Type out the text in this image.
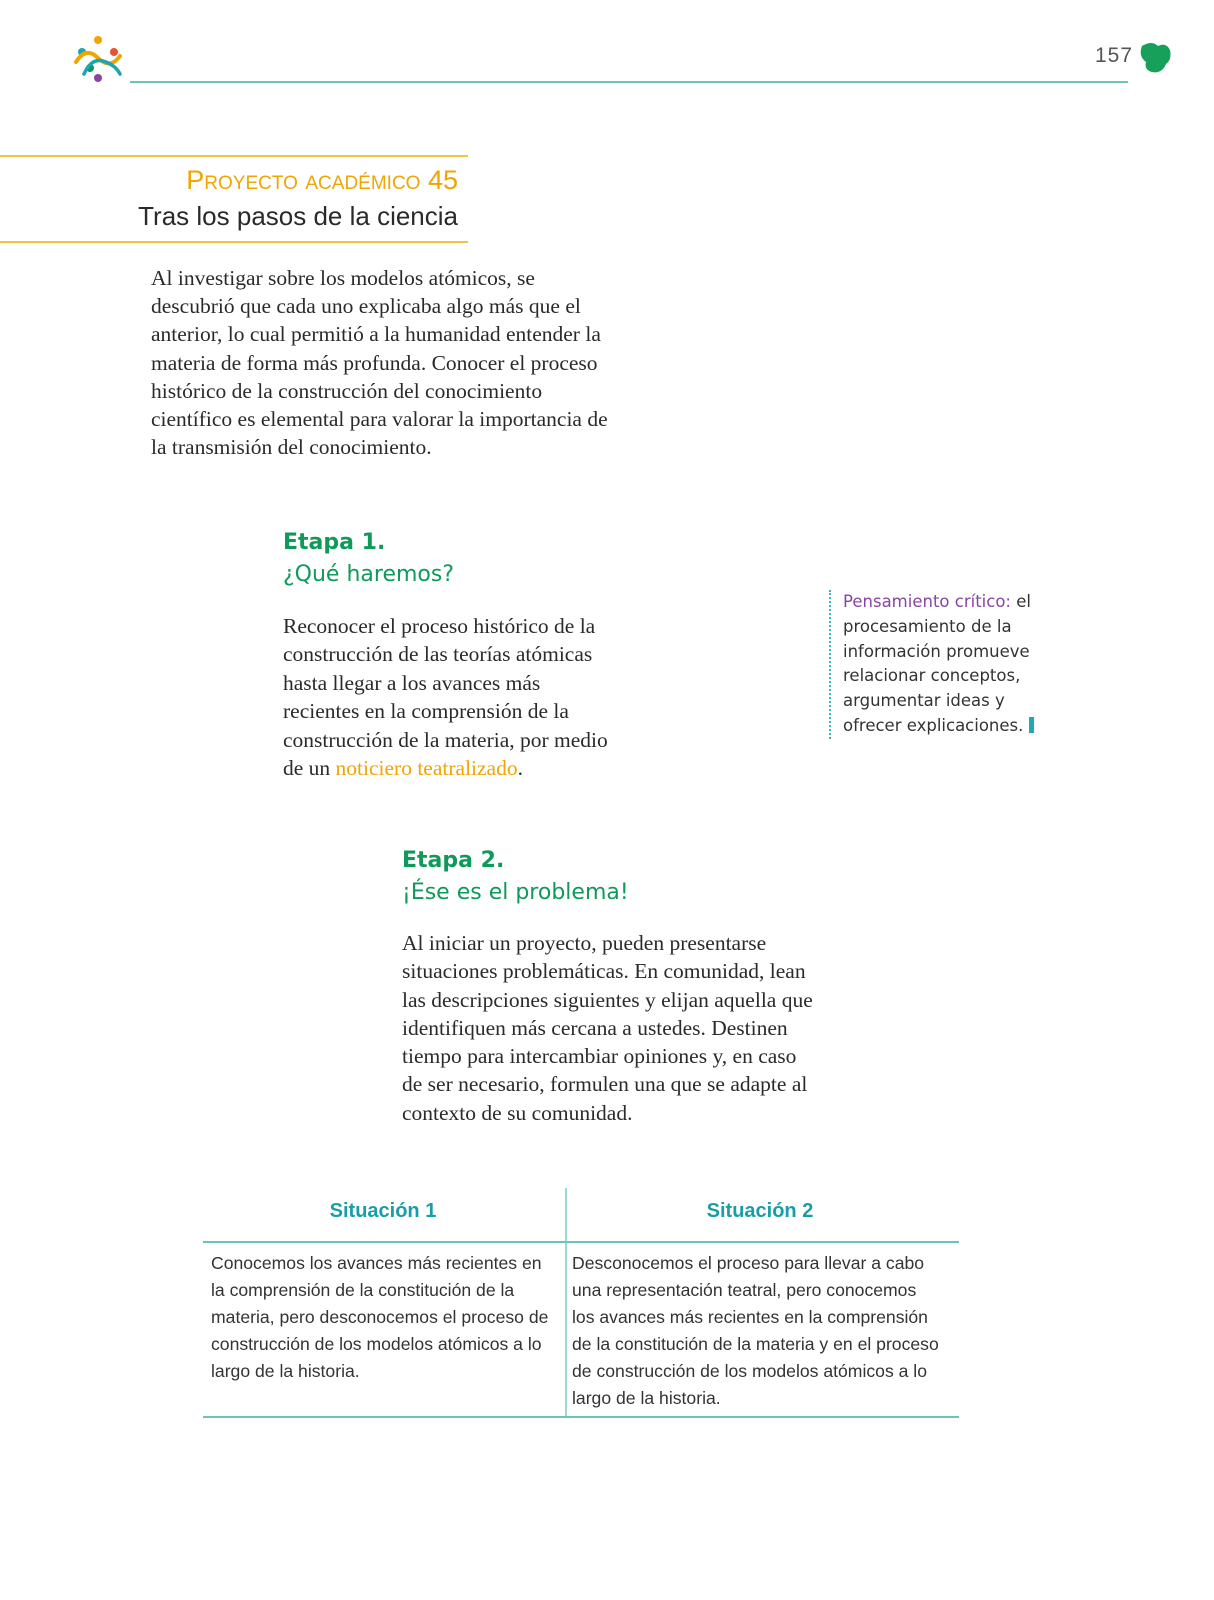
157
Proyecto académico 45
Tras los pasos de la ciencia
Al investigar sobre los modelos atómicos, se descubrió que cada uno explicaba algo más que el anterior, lo cual permitió a la humanidad entender la materia de forma más profunda. Conocer el proceso histórico de la construcción del conocimiento científico es elemental para valorar la importancia de la transmisión del conocimiento.
Etapa 1.
¿Qué haremos?
Reconocer el proceso histórico de la construcción de las teorías atómicas hasta llegar a los avances más recientes en la comprensión de la construcción de la materia, por medio de un noticiero teatralizado.
Pensamiento crítico: el procesamiento de la información promueve relacionar conceptos, argumentar ideas y ofrecer explicaciones.
Etapa 2.
¡Ése es el problema!
Al iniciar un proyecto, pueden presentarse situaciones problemáticas. En comunidad, lean las descripciones siguientes y elijan aquella que identifiquen más cercana a ustedes. Destinen tiempo para intercambiar opiniones y, en caso de ser necesario, formulen una que se adapte al contexto de su comunidad.
Situación 1	Situación 2
Conocemos los avances más recientes en la comprensión de la constitución de la materia, pero desconocemos el proceso de construcción de los modelos atómicos a lo largo de la historia.
Desconocemos el proceso para llevar a cabo una representación teatral, pero conocemos los avances más recientes en la comprensión de la constitución de la materia y en el proceso de construcción de los modelos atómicos a lo largo de la historia.
